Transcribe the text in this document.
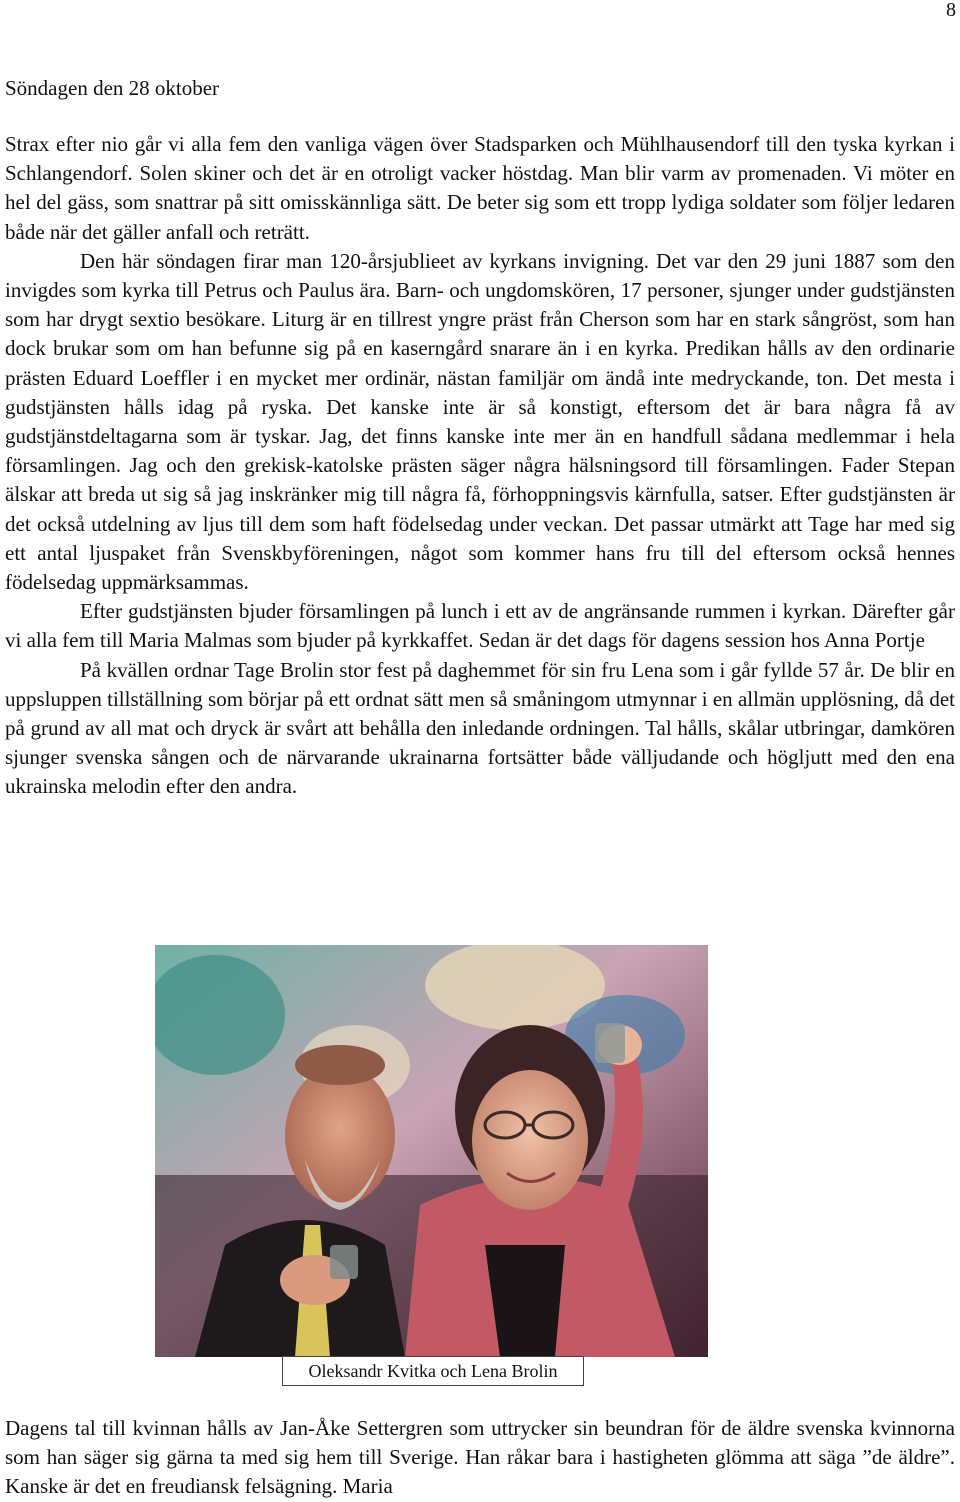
8
Söndagen den 28 oktober

Strax efter nio går vi alla fem den vanliga vägen över Stadsparken och Mühlhausendorf till den tyska kyrkan i Schlangendorf. Solen skiner och det är en otroligt vacker höstdag. Man blir varm av promenaden. Vi möter en hel del gäss, som snattrar på sitt omisskännliga sätt. De beter sig som ett tropp lydiga soldater som följer ledaren både när det gäller anfall och reträtt.

Den här söndagen firar man 120-årsjublieet av kyrkans invigning. Det var den 29 juni 1887 som den invigdes som kyrka till Petrus och Paulus ära. Barn- och ungdomskören, 17 personer, sjunger under gudstjänsten som har drygt sextio besökare. Liturg är en tillrest yngre präst från Cherson som har en stark sångröst, som han dock brukar som om han befunne sig på en kaserngård snarare än i en kyrka. Predikan hålls av den ordinarie prästen Eduard Loeffler i en mycket mer ordinär, nästan familjär om ändå inte medryckande, ton. Det mesta i gudstjänsten hålls idag på ryska. Det kanske inte är så konstigt, eftersom det är bara några få av gudstjänstdeltagarna som är tyskar. Jag, det finns kanske inte mer än en handfull sådana medlemmar i hela församlingen. Jag och den grekisk-katolske prästen säger några hälsningsord till församlingen. Fader Stepan älskar att breda ut sig så jag inskränker mig till några få, förhoppningsvis kärnfulla, satser. Efter gudstjänsten är det också utdelning av ljus till dem som haft födelsedag under veckan. Det passar utmärkt att Tage har med sig ett antal ljuspaket från Svenskbyföreningen, något som kommer hans fru till del eftersom också hennes födelsedag uppmärksammas.

Efter gudstjänsten bjuder församlingen på lunch i ett av de angränsande rummen i kyrkan. Därefter går vi alla fem till Maria Malmas som bjuder på kyrkkaffet. Sedan är det dags för dagens session hos Anna Portje

På kvällen ordnar Tage Brolin stor fest på daghemmet för sin fru Lena som i går fyllde 57 år. De blir en uppsluppen tillställning som börjar på ett ordnat sätt men så småningom utmynnar i en allmän upplösning, då det på grund av all mat och dryck är svårt att behålla den inledande ordningen. Tal hålls, skålar utbringar, damkören sjunger svenska sången och de närvarande ukrainarna fortsätter både välljudande och högljutt med den ena ukrainska melodin efter den andra.

Oleksandr Kvitka och Lena Brolin

Dagens tal till kvinnan hålls av Jan-Åke Settergren som uttrycker sin beundran för de äldre svenska kvinnorna som han säger sig gärna ta med sig hem till Sverige. Han råkar bara i hastigheten glömma att säga ”de äldre”. Kanske är det en freudiansk felsägning. Maria
